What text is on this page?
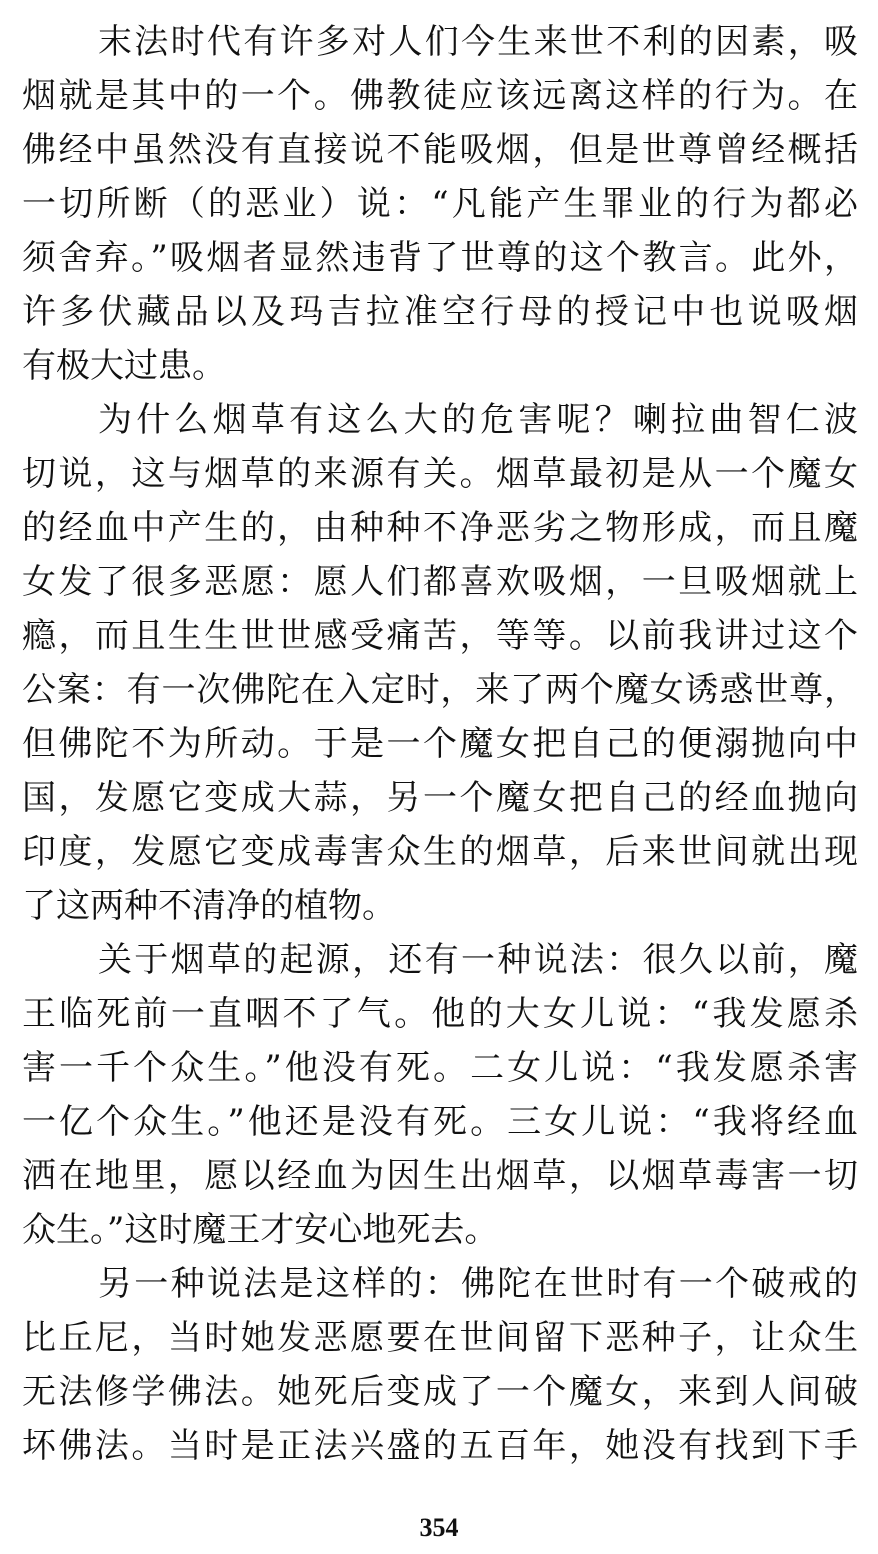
末法时代有许多对人们今生来世不利的因素，吸
烟就是其中的一个。佛教徒应该远离这样的行为。在
佛经中虽然没有直接说不能吸烟，但是世尊曾经概括
一切所断（的恶业）说：“凡能产生罪业的行为都必
须舍弃。”吸烟者显然违背了世尊的这个教言。此外，
许多伏藏品以及玛吉拉准空行母的授记中也说吸烟
有极大过患。
为什么烟草有这么大的危害呢？喇拉曲智仁波
切说，这与烟草的来源有关。烟草最初是从一个魔女
的经血中产生的，由种种不净恶劣之物形成，而且魔
女发了很多恶愿：愿人们都喜欢吸烟，一旦吸烟就上
瘾，而且生生世世感受痛苦，等等。以前我讲过这个
公案：有一次佛陀在入定时，来了两个魔女诱惑世尊，
但佛陀不为所动。于是一个魔女把自己的便溺抛向中
国，发愿它变成大蒜，另一个魔女把自己的经血抛向
印度，发愿它变成毒害众生的烟草，后来世间就出现
了这两种不清净的植物。
关于烟草的起源，还有一种说法：很久以前，魔
王临死前一直咽不了气。他的大女儿说：“我发愿杀
害一千个众生。”他没有死。二女儿说：“我发愿杀害
一亿个众生。”他还是没有死。三女儿说：“我将经血
洒在地里，愿以经血为因生出烟草，以烟草毒害一切
众生。”这时魔王才安心地死去。
另一种说法是这样的：佛陀在世时有一个破戒的
比丘尼，当时她发恶愿要在世间留下恶种子，让众生
无法修学佛法。她死后变成了一个魔女，来到人间破
坏佛法。当时是正法兴盛的五百年，她没有找到下手
354
